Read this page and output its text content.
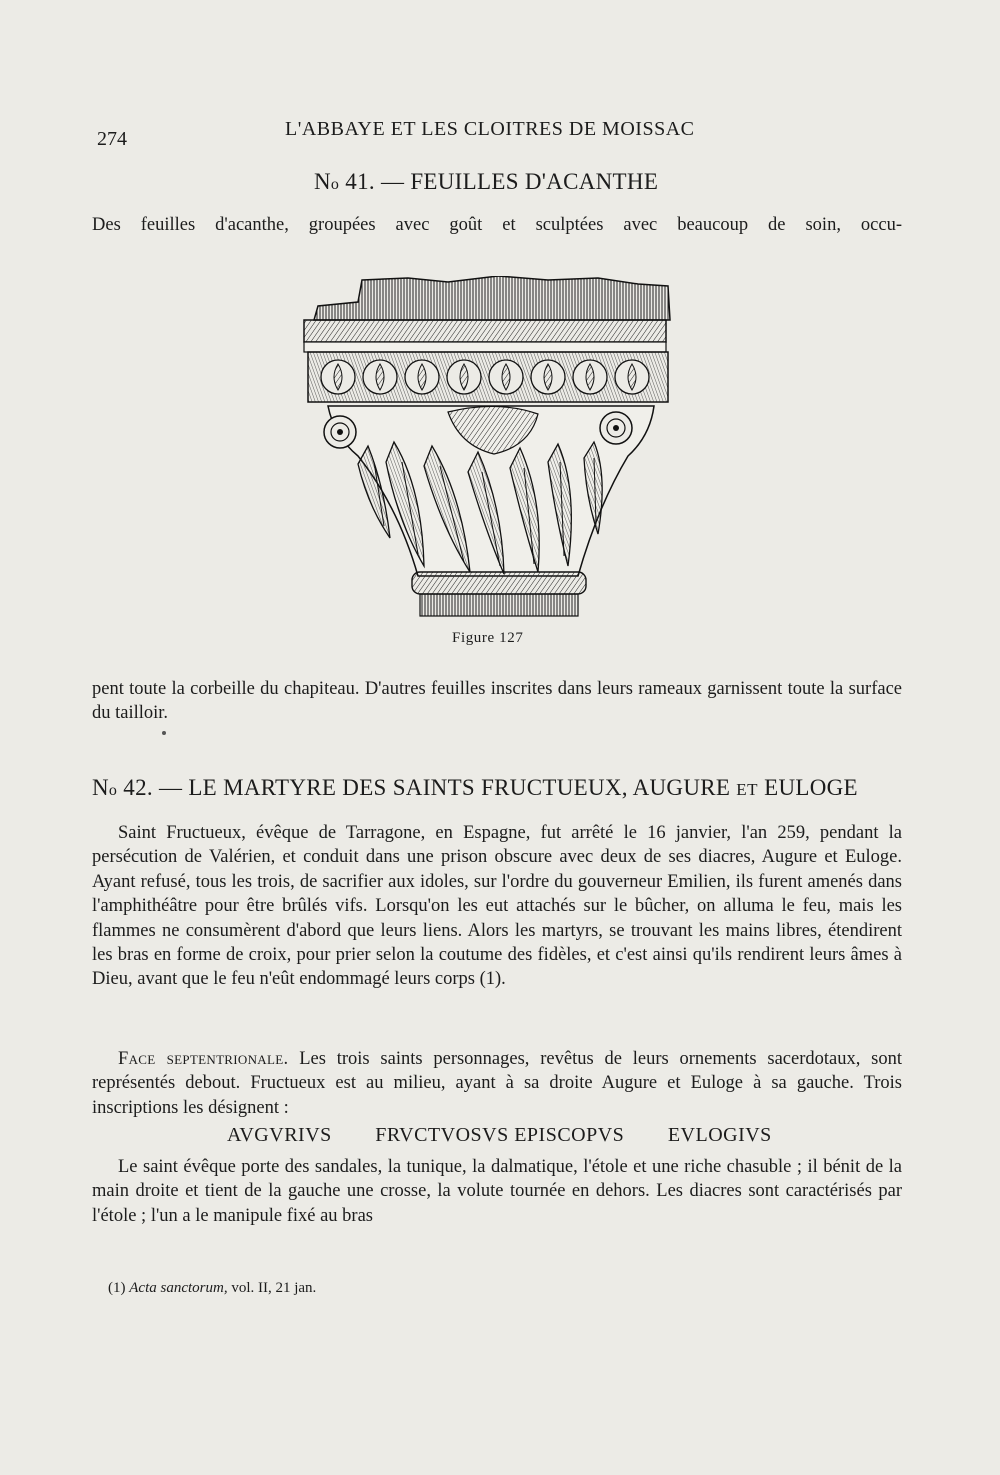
274	L'ABBAYE ET LES CLOITRES DE MOISSAC
No 41. — FEUILLES D'ACANTHE

Des feuilles d'acanthe, groupées avec goût et sculptées avec beaucoup de soin, occu-

Figure 127

pent toute la corbeille du chapiteau. D'autres feuilles inscrites dans leurs rameaux garnissent toute la surface du tailloir.

No 42. — LE MARTYRE DES SAINTS FRUCTUEUX, AUGURE ET EULOGE

Saint Fructueux, évêque de Tarragone, en Espagne, fut arrêté le 16 janvier, l'an 259, pendant la persécution de Valérien, et conduit dans une prison obscure avec deux de ses diacres, Augure et Euloge. Ayant refusé, tous les trois, de sacrifier aux idoles, sur l'ordre du gouverneur Emilien, ils furent amenés dans l'amphithéâtre pour être brûlés vifs. Lorsqu'on les eut attachés sur le bûcher, on alluma le feu, mais les flammes ne consumèrent d'abord que leurs liens. Alors les martyrs, se trouvant les mains libres, étendirent les bras en forme de croix, pour prier selon la coutume des fidèles, et c'est ainsi qu'ils rendirent leurs âmes à Dieu, avant que le feu n'eût endommagé leurs corps (1).

Face septentrionale. Les trois saints personnages, revêtus de leurs ornements sacerdotaux, sont représentés debout. Fructueux est au milieu, ayant à sa droite Augure et Euloge à sa gauche. Trois inscriptions les désignent :

AVGVRIVS FRVCTVOSVS EPISCOPVS EVLOGIVS

Le saint évêque porte des sandales, la tunique, la dalmatique, l'étole et une riche chasuble ; il bénit de la main droite et tient de la gauche une crosse, la volute tournée en dehors. Les diacres sont caractérisés par l'étole ; l'un a le manipule fixé au bras

(1) Acta sanctorum, vol. II, 21 jan.
